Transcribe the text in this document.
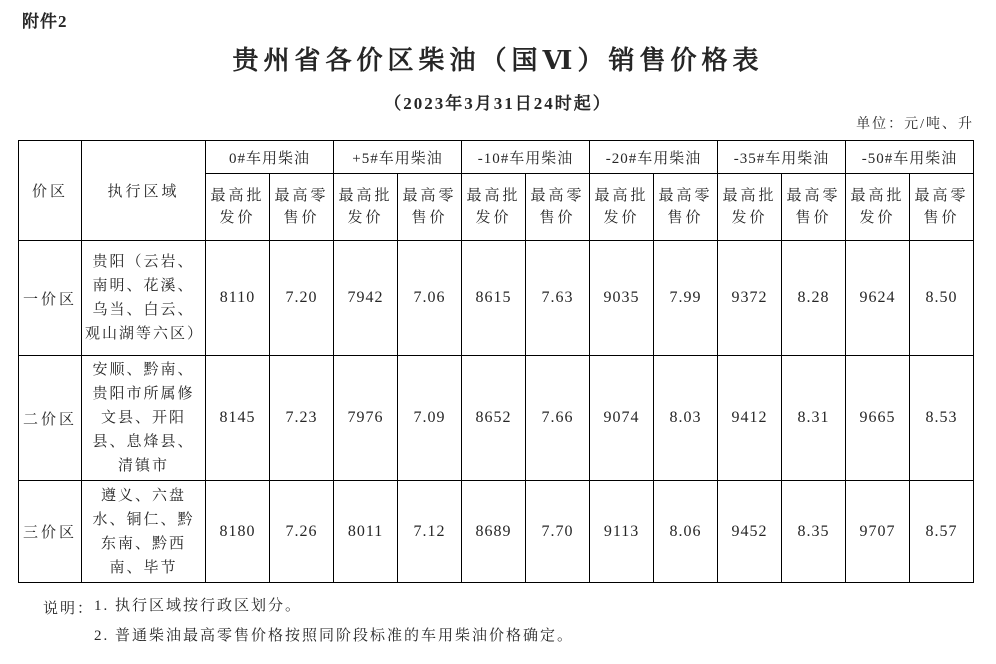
附件2
贵州省各价区柴油（国Ⅵ）销售价格表
（2023年3月31日24时起）
单位：元/吨、升
价区	执行区域	0#车用柴油		+5#车用柴油		-10#车用柴油		-20#车用柴油		-35#车用柴油		-50#车用柴油	
		最高批发价	最高零售价	最高批发价	最高零售价	最高批发价	最高零售价	最高批发价	最高零售价	最高批发价	最高零售价	最高批发价	最高零售价
一价区	贵阳（云岩、南明、花溪、乌当、白云、观山湖等六区）	8110	7.20	7942	7.06	8615	7.63	9035	7.99	9372	8.28	9624	8.50
二价区	安顺、黔南、贵阳市所属修文县、开阳县、息烽县、清镇市	8145	7.23	7976	7.09	8652	7.66	9074	8.03	9412	8.31	9665	8.53
三价区	遵义、六盘水、铜仁、黔东南、黔西南、毕节	8180	7.26	8011	7.12	8689	7.70	9113	8.06	9452	8.35	9707	8.57
说明： 1. 执行区域按行政区划分。
2. 普通柴油最高零售价格按照同阶段标准的车用柴油价格确定。
